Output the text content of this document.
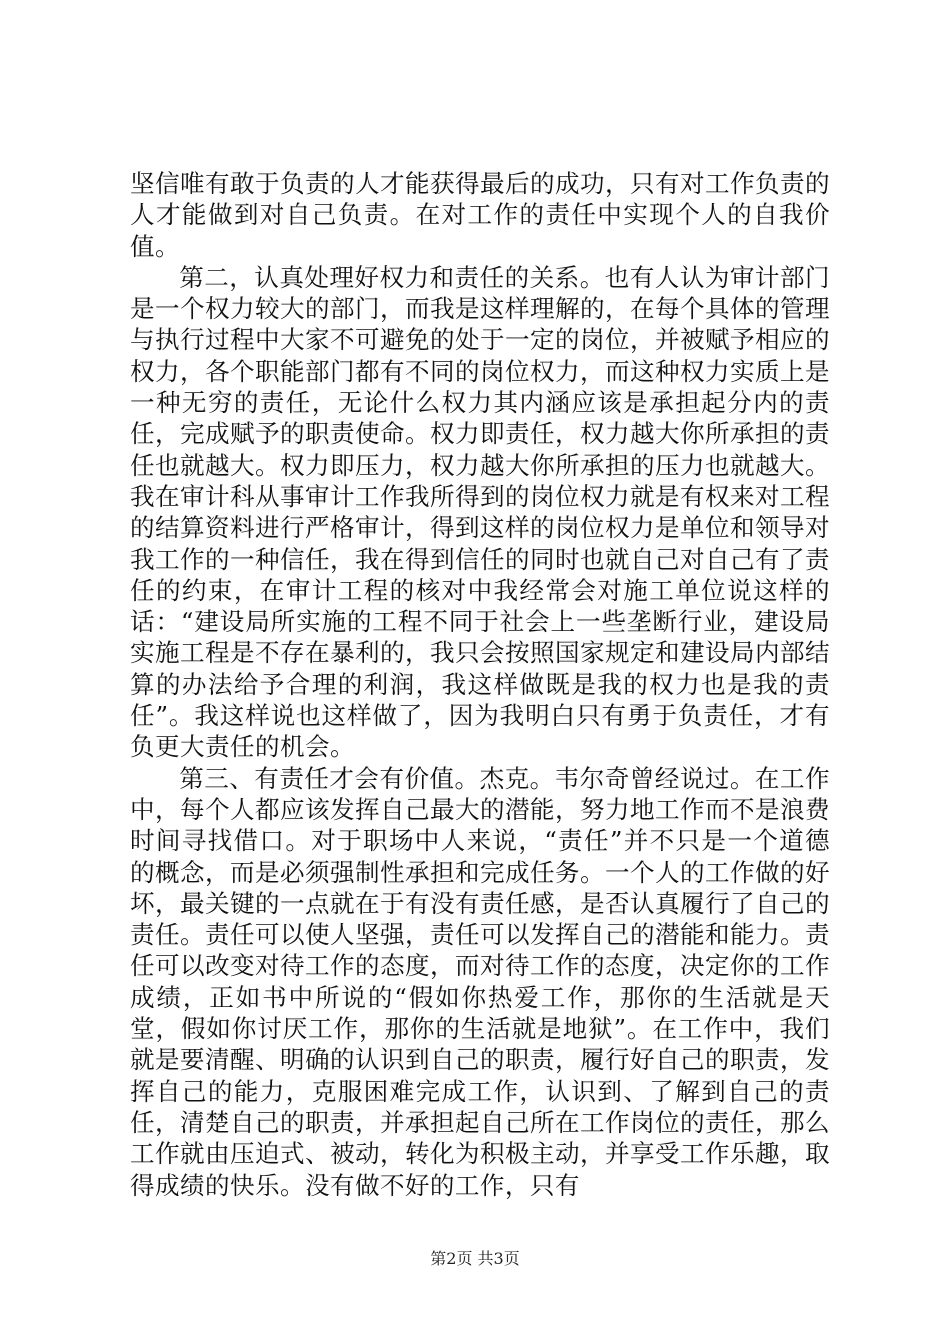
坚信唯有敢于负责的人才能获得最后的成功，只有对工作负责的人才能做到对自己负责。在对工作的责任中实现个人的自我价值。

第二，认真处理好权力和责任的关系。也有人认为审计部门是一个权力较大的部门，而我是这样理解的，在每个具体的管理与执行过程中大家不可避免的处于一定的岗位，并被赋予相应的权力，各个职能部门都有不同的岗位权力，而这种权力实质上是一种无穷的责任，无论什么权力其内涵应该是承担起分内的责任，完成赋予的职责使命。权力即责任，权力越大你所承担的责任也就越大。权力即压力，权力越大你所承担的压力也就越大。我在审计科从事审计工作我所得到的岗位权力就是有权来对工程的结算资料进行严格审计，得到这样的岗位权力是单位和领导对我工作的一种信任，我在得到信任的同时也就自己对自己有了责任的约束，在审计工程的核对中我经常会对施工单位说这样的话：“建设局所实施的工程不同于社会上一些垄断行业，建设局实施工程是不存在暴利的，我只会按照国家规定和建设局内部结算的办法给予合理的利润，我这样做既是我的权力也是我的责任”。我这样说也这样做了，因为我明白只有勇于负责任，才有负更大责任的机会。

第三、有责任才会有价值。杰克。韦尔奇曾经说过。在工作中，每个人都应该发挥自己最大的潜能，努力地工作而不是浪费时间寻找借口。对于职场中人来说，“责任”并不只是一个道德的概念，而是必须强制性承担和完成任务。一个人的工作做的好坏，最关键的一点就在于有没有责任感，是否认真履行了自己的责任。责任可以使人坚强，责任可以发挥自己的潜能和能力。责任可以改变对待工作的态度，而对待工作的态度，决定你的工作成绩，正如书中所说的“假如你热爱工作，那你的生活就是天堂，假如你讨厌工作，那你的生活就是地狱”。在工作中，我们就是要清醒、明确的认识到自己的职责，履行好自己的职责，发挥自己的能力，克服困难完成工作，认识到、了解到自己的责任，清楚自己的职责，并承担起自己所在工作岗位的责任，那么工作就由压迫式、被动，转化为积极主动，并享受工作乐趣，取得成绩的快乐。没有做不好的工作，只有

第2页 共3页
